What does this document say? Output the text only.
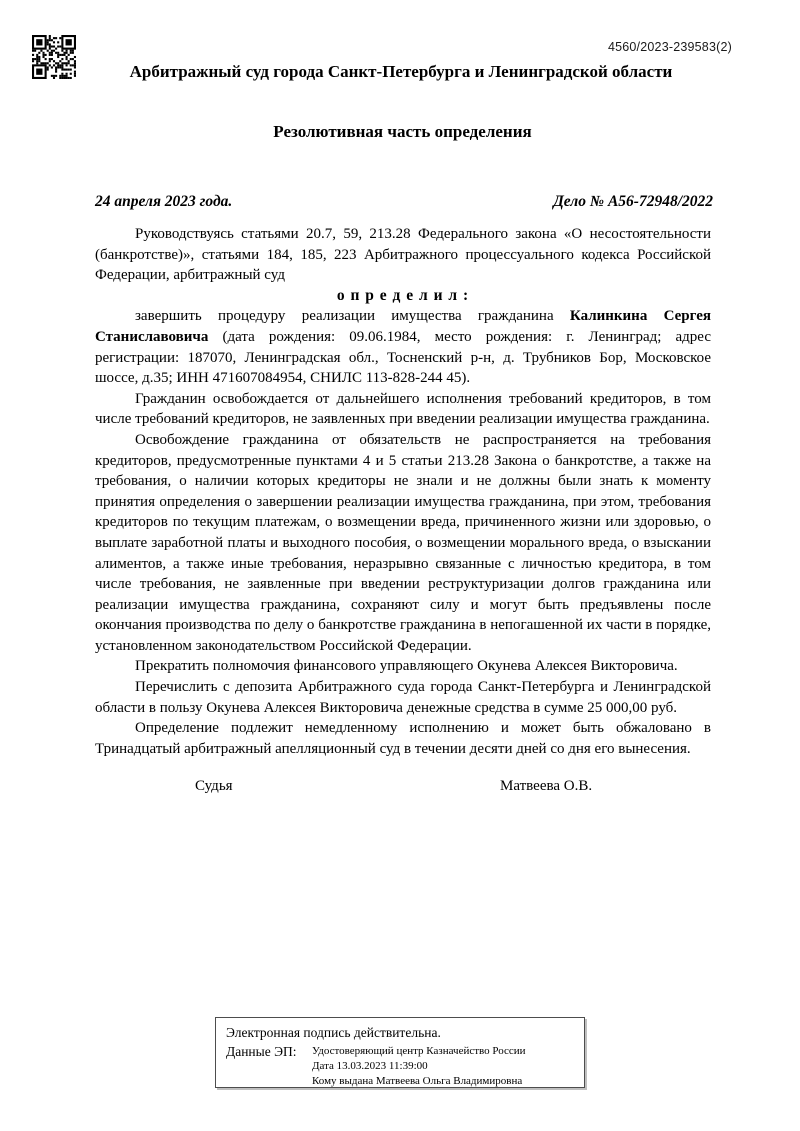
4560/2023-239583(2)
Арбитражный суд города Санкт-Петербурга и Ленинградской области
Резолютивная часть определения
24 апреля 2023 года.	Дело № А56-72948/2022

Руководствуясь статьями 20.7, 59, 213.28 Федерального закона «О несостоятельности (банкротстве)», статьями 184, 185, 223 Арбитражного процессуального кодекса Российской Федерации, арбитражный суд

о п р е д е л и л :

завершить процедуру реализации имущества гражданина Калинкина Сергея Станиславовича (дата рождения: 09.06.1984, место рождения: г. Ленинград; адрес регистрации: 187070, Ленинградская обл., Тосненский р-н, д. Трубников Бор, Московское шоссе, д.35; ИНН 471607084954, СНИЛС 113-828-244 45).

Гражданин освобождается от дальнейшего исполнения требований кредиторов, в том числе требований кредиторов, не заявленных при введении реализации имущества гражданина.

Освобождение гражданина от обязательств не распространяется на требования кредиторов, предусмотренные пунктами 4 и 5 статьи 213.28 Закона о банкротстве, а также на требования, о наличии которых кредиторы не знали и не должны были знать к моменту принятия определения о завершении реализации имущества гражданина, при этом, требования кредиторов по текущим платежам, о возмещении вреда, причиненного жизни или здоровью, о выплате заработной платы и выходного пособия, о возмещении морального вреда, о взыскании алиментов, а также иные требования, неразрывно связанные с личностью кредитора, в том числе требования, не заявленные при введении реструктуризации долгов гражданина или реализации имущества гражданина, сохраняют силу и могут быть предъявлены после окончания производства по делу о банкротстве гражданина в непогашенной их части в порядке, установленном законодательством Российской Федерации.

Прекратить полномочия финансового управляющего Окунева Алексея Викторовича.

Перечислить с депозита Арбитражного суда города Санкт-Петербурга и Ленинградской области в пользу Окунева Алексея Викторовича денежные средства в сумме 25 000,00 руб.

Определение подлежит немедленному исполнению и может быть обжаловано в Тринадцатый арбитражный апелляционный суд в течении десяти дней со дня его вынесения.

Судья	Матвеева О.В.
Электронная подпись действительна.
Данные ЭП:	Удостоверяющий центр Казначейство России
Дата 13.03.2023 11:39:00
Кому выдана Матвеева Ольга Владимировна
